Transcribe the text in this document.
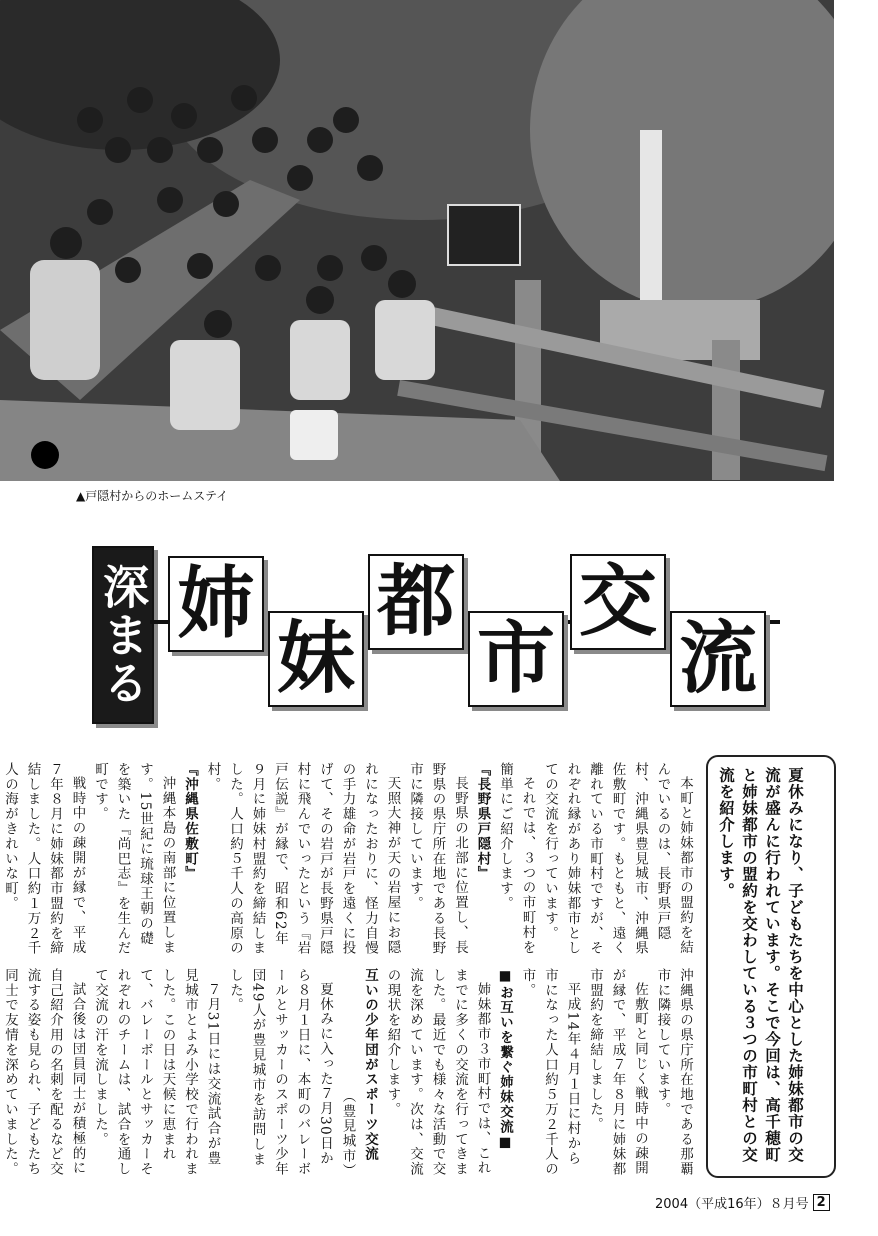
▲戸隠村からのホームステイ
深まる 姉
妹
都
市
交
流
夏休みになり、子どもたちを中心とした姉妹都市の交流が盛んに行われています。そこで今回は、高千穂町と姉妹都市の盟約を交わしている３つの市町村との交流を紹介します。

本町と姉妹都市の盟約を結んでいるのは、長野県戸隠村、沖縄県豊見城市、沖縄県佐敷町です。もともと、遠く離れている市町村ですが、それぞれ縁があり姉妹都市としての交流を行っています。

それでは、３つの市町村を簡単にご紹介します。

『長野県戸隠村』

長野県の北部に位置し、長野県の県庁所在地である長野市に隣接しています。

天照大神が天の岩屋にお隠れになったおりに、怪力自慢の手力雄命が岩戸を遠くに投げて、その岩戸が長野県戸隠村に飛んでいったという『岩戸伝説』が縁で、昭和62年９月に姉妹村盟約を締結しました。人口約５千人の高原の村。

『沖縄県佐敷町』

沖縄本島の南部に位置します。15世紀に琉球王朝の礎を築いた『尚巴志』を生んだ町です。

戦時中の疎開が縁で、平成７年８月に姉妹都市盟約を締結しました。人口約１万２千人の海がきれいな町。

沖縄県の県庁所在地である那覇市に隣接しています。

佐敷町と同じく戦時中の疎開が縁で、平成７年８月に姉妹都市盟約を締結しました。

平成14年４月１日に村から市になった人口約５万２千人の市。

■お互いを繋ぐ姉妹交流■

姉妹都市３市町村では、これまでに多くの交流を行ってきました。最近でも様々な活動で交流を深めています。次は、交流の現状を紹介します。

互いの少年団がスポーツ交流

（豊見城市）

夏休みに入った７月30日から８月１日に、本町のバレーボールとサッカーのスポーツ少年団49人が豊見城市を訪問しました。

７月31日には交流試合が豊見城市とよみ小学校で行われました。この日は天候に恵まれて、バレーボールとサッカーそれぞれのチームは、試合を通して交流の汗を流しました。

試合後は団員同士が積極的に自己紹介用の名刺を配るなど交流する姿も見られ、子どもたち同士で友情を深めていました。

2004（平成16年）８月号 2
